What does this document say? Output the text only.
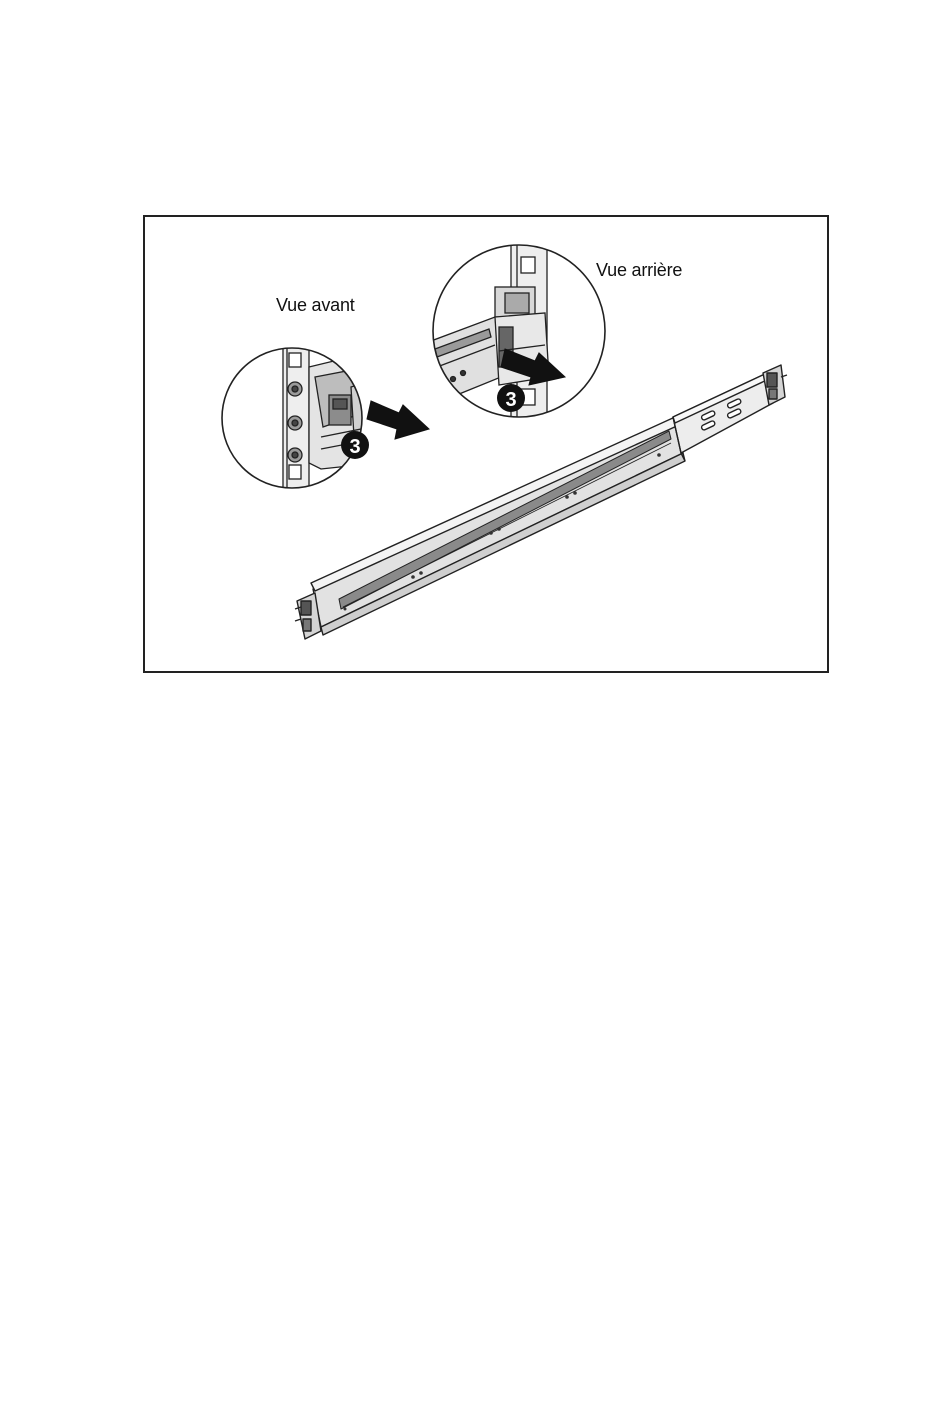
3
3
Vue avant
Vue arrière
